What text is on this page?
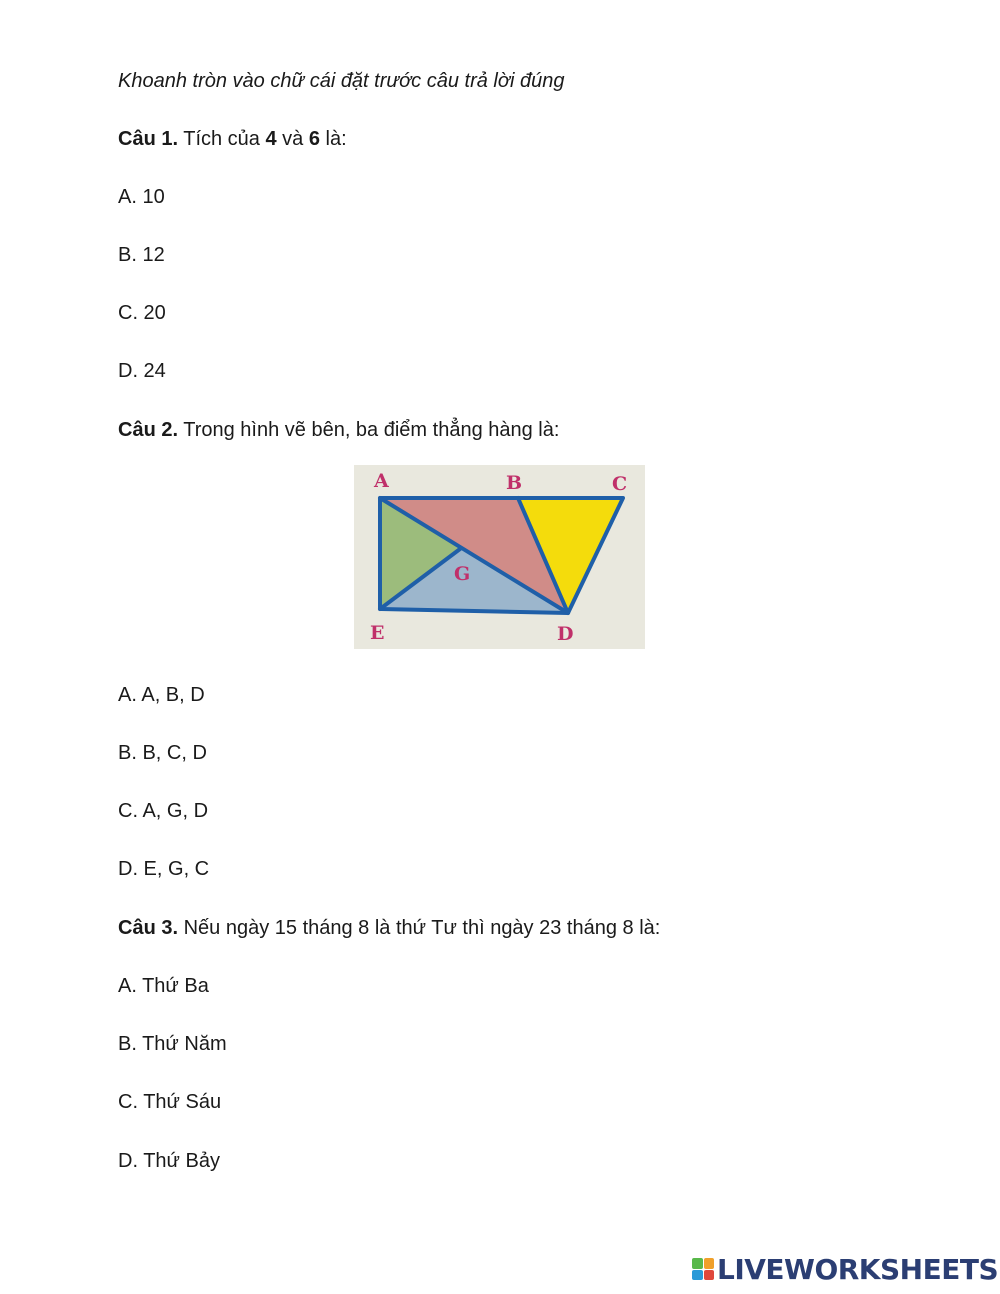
Khoanh tròn vào chữ cái đặt trước câu trả lời đúng
Câu 1. Tích của 4 và 6 là:
A. 10
B. 12
C. 20
D. 24
Câu 2. Trong hình vẽ bên, ba điểm thẳng hàng là:
A	B	C
G
E	D
A. A, B, D
B. B, C, D
C. A, G, D
D. E, G, C
Câu 3. Nếu ngày 15 tháng 8 là thứ Tư thì ngày 23 tháng 8 là:
A. Thứ Ba
B. Thứ Năm
C. Thứ Sáu
D. Thứ Bảy
LIVEWORKSHEETS
